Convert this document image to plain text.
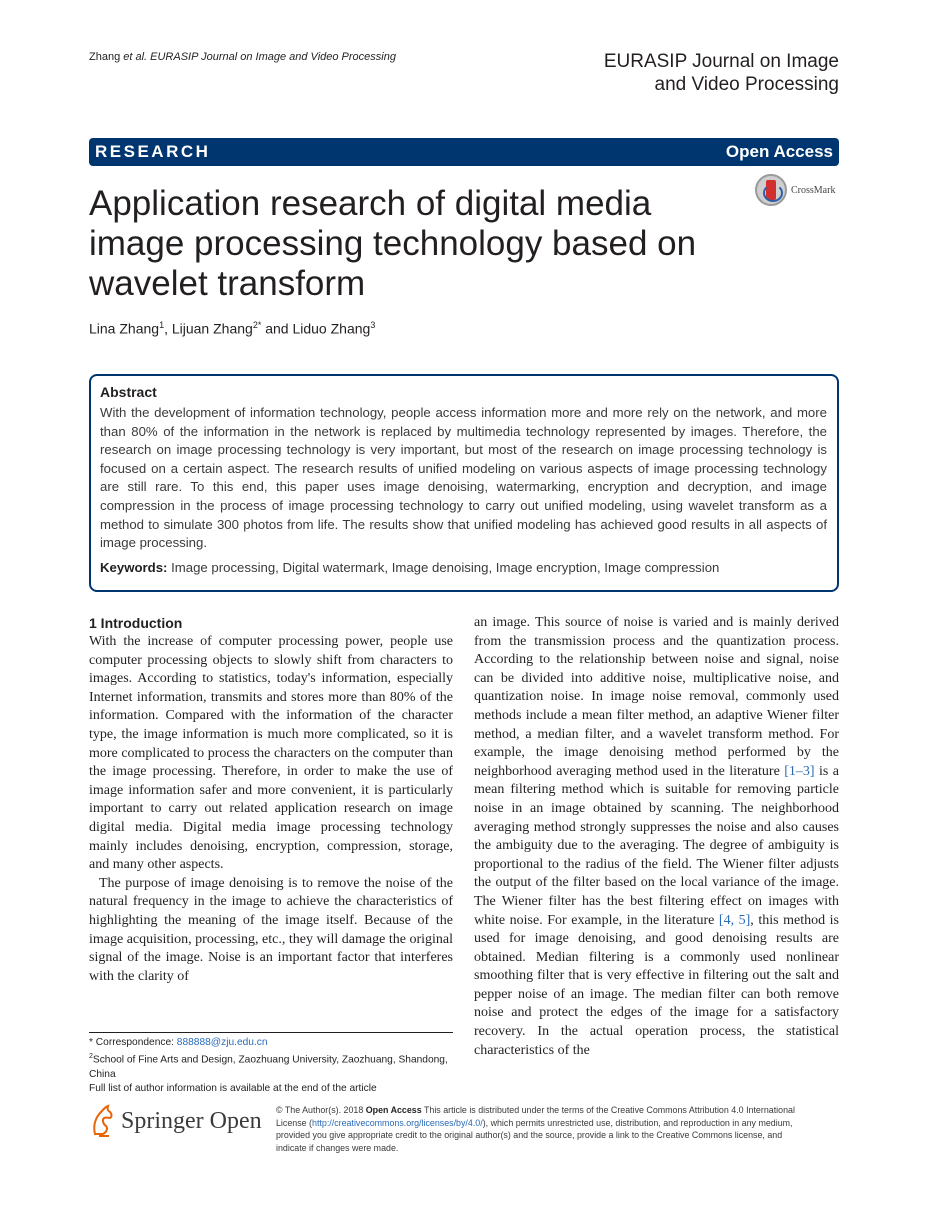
Zhang et al. EURASIP Journal on Image and Video Processing	EURASIP Journal on Image
and Video Processing
RESEARCH	Open Access
CrossMark
Application research of digital media image processing technology based on wavelet transform
Lina Zhang$^1$, Lijuan Zhang$^{2*}$ and Liduo Zhang$^3$
Abstract
With the development of information technology, people access information more and more rely on the network, and more than 80% of the information in the network is replaced by multimedia technology represented by images. Therefore, the research on image processing technology is very important, but most of the research on image processing technology is focused on a certain aspect. The research results of unified modeling on various aspects of image processing technology are still rare. To this end, this paper uses image denoising, watermarking, encryption and decryption, and image compression in the process of image processing technology to carry out unified modeling, using wavelet transform as a method to simulate 300 photos from life. The results show that unified modeling has achieved good results in all aspects of image processing.
Keywords: Image processing, Digital watermark, Image denoising, Image encryption, Image compression
1 Introduction

With the increase of computer processing power, people use computer processing objects to slowly shift from characters to images. According to statistics, today's information, especially Internet information, transmits and stores more than 80% of the information. Compared with the information of the character type, the image information is much more complicated, so it is more complicated to process the characters on the computer than the image processing. Therefore, in order to make the use of image information safer and more convenient, it is particularly important to carry out related application research on image digital media. Digital media image processing technology mainly includes denoising, encryption, compression, storage, and many other aspects.

The purpose of image denoising is to remove the noise of the natural frequency in the image to achieve the characteristics of highlighting the meaning of the image itself. Because of the image acquisition, processing, etc., they will damage the original signal of the image. Noise is an important factor that interferes with the clarity of

an image. This source of noise is varied and is mainly derived from the transmission process and the quantization process. According to the relationship between noise and signal, noise can be divided into additive noise, multiplicative noise, and quantization noise. In image noise removal, commonly used methods include a mean filter method, an adaptive Wiener filter method, a median filter, and a wavelet transform method. For example, the image denoising method performed by the neighborhood averaging method used in the literature [1–3] is a mean filtering method which is suitable for removing particle noise in an image obtained by scanning. The neighborhood averaging method strongly suppresses the noise and also causes the ambiguity due to the averaging. The degree of ambiguity is proportional to the radius of the field. The Wiener filter adjusts the output of the filter based on the local variance of the image. The Wiener filter has the best filtering effect on images with white noise. For example, in the literature [4, 5], this method is used for image denoising, and good denoising results are obtained. Median filtering is a commonly used nonlinear smoothing filter that is very effective in filtering out the salt and pepper noise of an image. The median filter can both remove noise and protect the edges of the image for a satisfactory recovery. In the actual operation process, the statistical characteristics of the

* Correspondence: 888888@zju.edu.cn
$^2$School of Fine Arts and Design, Zaozhuang University, Zaozhuang, Shandong, China
Full list of author information is available at the end of the article
Springer Open © The Author(s). 2018 Open Access This article is distributed under the terms of the Creative Commons Attribution 4.0 International License (http://creativecommons.org/licenses/by/4.0/), which permits unrestricted use, distribution, and reproduction in any medium, provided you give appropriate credit to the original author(s) and the source, provide a link to the Creative Commons license, and indicate if changes were made.
